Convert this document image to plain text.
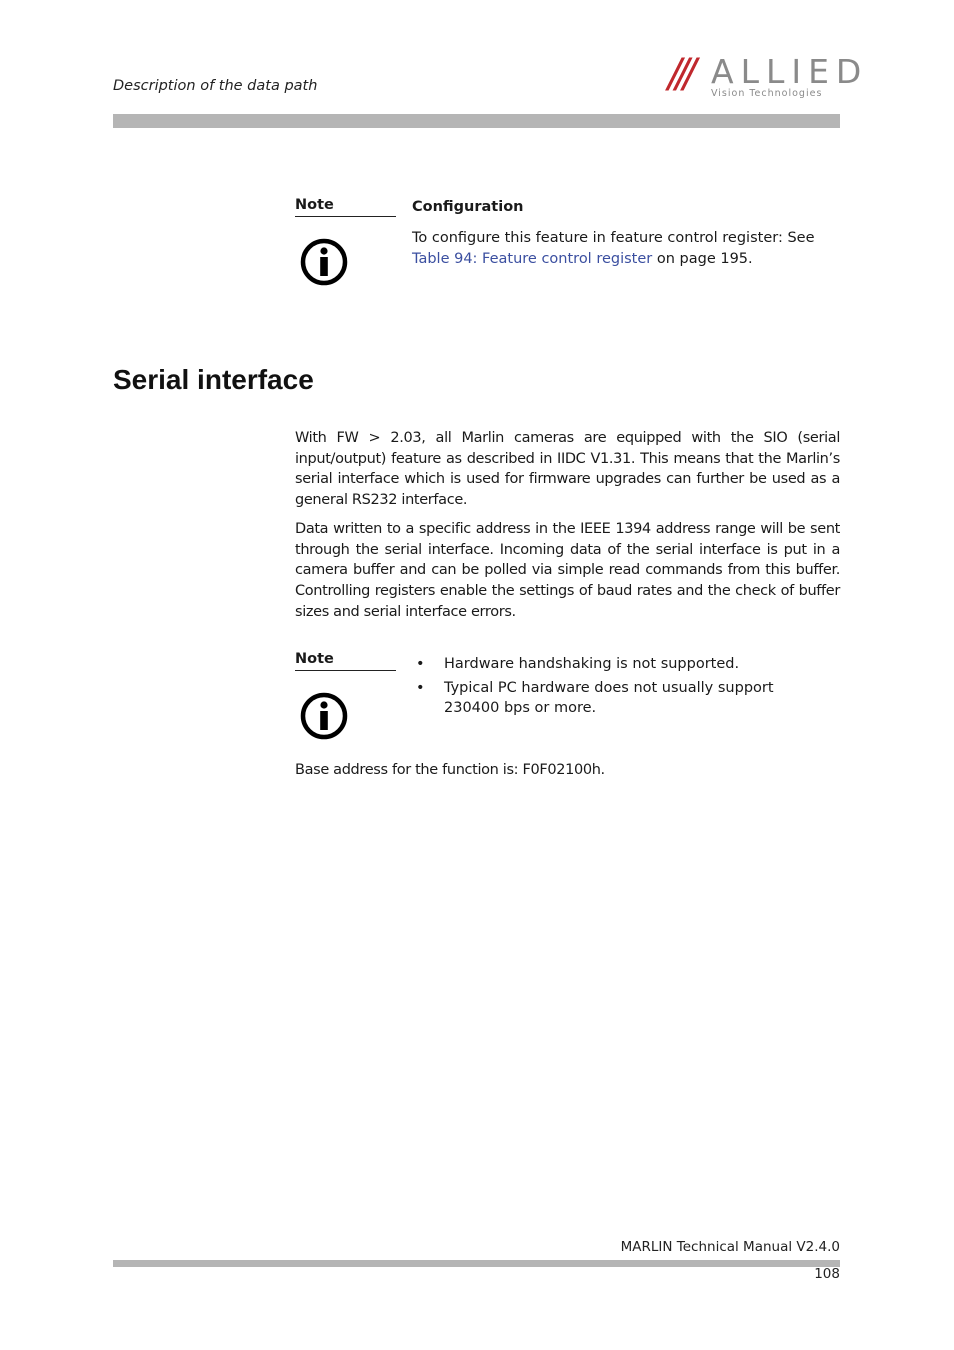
Description of the data path	/// ALLIED
Vision Technologies
Note	Configuration
To configure this feature in feature control register: See Table 94: Feature control register on page 195.
Serial interface
With FW > 2.03, all Marlin cameras are equipped with the SIO (serial input/output) feature as described in IIDC V1.31. This means that the Marlin’s serial interface which is used for firmware upgrades can further be used as a general RS232 interface.
Data written to a specific address in the IEEE 1394 address range will be sent through the serial interface. Incoming data of the serial interface is put in a camera buffer and can be polled via simple read commands from this buffer. Controlling registers enable the settings of baud rates and the check of buffer sizes and serial interface errors.
Note	• Hardware handshaking is not supported.
• Typical PC hardware does not usually support 230400 bps or more.
Base address for the function is: F0F02100h.
MARLIN Technical Manual V2.4.0
108
